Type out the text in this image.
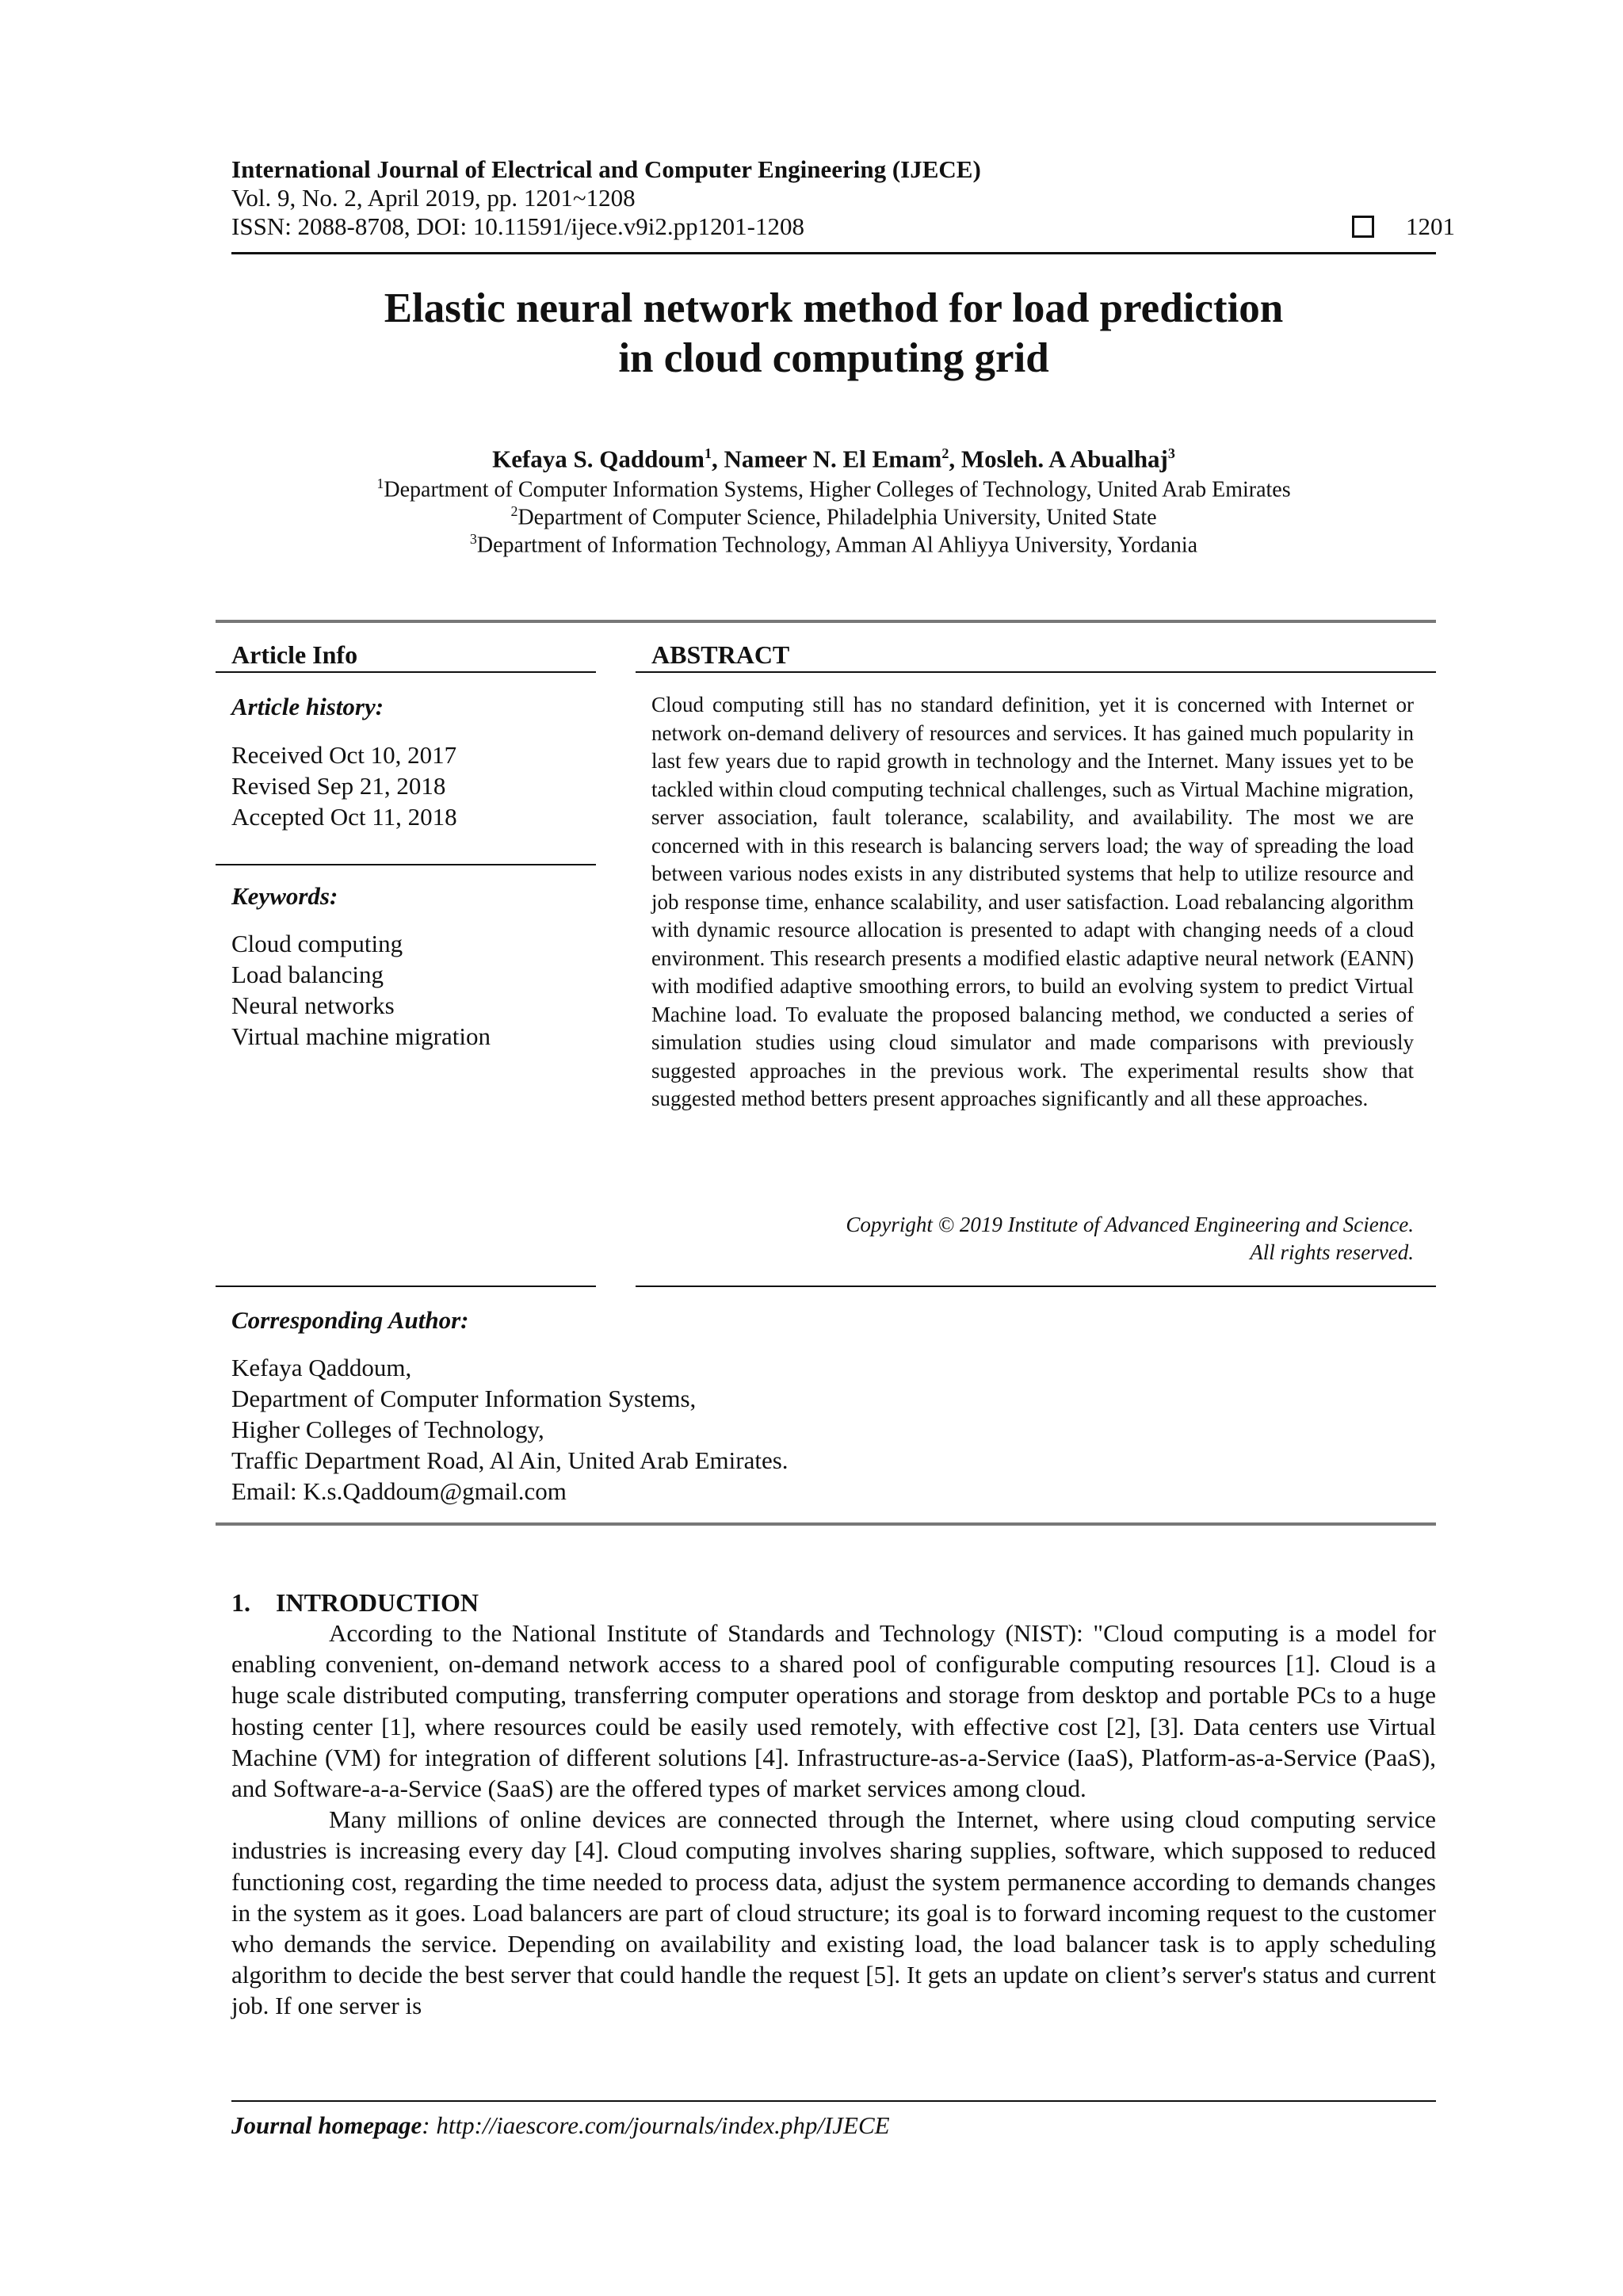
International Journal of Electrical and Computer Engineering (IJECE)
Vol. 9, No. 2, April 2019, pp. 1201~1208
ISSN: 2088-8708, DOI: 10.11591/ijece.v9i2.pp1201-1208	1201
Elastic neural network method for load prediction
in cloud computing grid
Kefaya S. Qaddoum$^1$, Nameer N. El Emam$^2$, Mosleh. A Abualhaj$^3$
$^1$Department of Computer Information Systems, Higher Colleges of Technology, United Arab Emirates
$^2$Department of Computer Science, Philadelphia University, United State
$^3$Department of Information Technology, Amman Al Ahliyya University, Yordania
Article Info	ABSTRACT
Article history:
Received Oct 10, 2017
Revised Sep 21, 2018
Accepted Oct 11, 2018
Keywords:
Cloud computing
Load balancing
Neural networks
Virtual machine migration

Cloud computing still has no standard definition, yet it is concerned with Internet or network on-demand delivery of resources and services. It has gained much popularity in last few years due to rapid growth in technology and the Internet. Many issues yet to be tackled within cloud computing technical challenges, such as Virtual Machine migration, server association, fault tolerance, scalability, and availability. The most we are concerned with in this research is balancing servers load; the way of spreading the load between various nodes exists in any distributed systems that help to utilize resource and job response time, enhance scalability, and user satisfaction. Load rebalancing algorithm with dynamic resource allocation is presented to adapt with changing needs of a cloud environment. This research presents a modified elastic adaptive neural network (EANN) with modified adaptive smoothing errors, to build an evolving system to predict Virtual Machine load. To evaluate the proposed balancing method, we conducted a series of simulation studies using cloud simulator and made comparisons with previously suggested approaches in the previous work. The experimental results show that suggested method betters present approaches significantly and all these approaches.

Copyright © 2019 Institute of Advanced Engineering and Science.
All rights reserved.
Corresponding Author:
Kefaya Qaddoum,
Department of Computer Information Systems,
Higher Colleges of Technology,
Traffic Department Road, Al Ain, United Arab Emirates.
Email: K.s.Qaddoum@gmail.com
1.    INTRODUCTION

According to the National Institute of Standards and Technology (NIST): "Cloud computing is a model for enabling convenient, on-demand network access to a shared pool of configurable computing resources [1]. Cloud is a huge scale distributed computing, transferring computer operations and storage from desktop and portable PCs to a huge hosting center [1], where resources could be easily used remotely, with effective cost [2], [3]. Data centers use Virtual Machine (VM) for integration of different solutions [4]. Infrastructure-as-a-Service (IaaS), Platform-as-a-Service (PaaS), and Software-a-a-Service (SaaS) are the offered types of market services among cloud.

Many millions of online devices are connected through the Internet, where using cloud computing service industries is increasing every day [4]. Cloud computing involves sharing supplies, software, which supposed to reduced functioning cost, regarding the time needed to process data, adjust the system permanence according to demands changes in the system as it goes. Load balancers are part of cloud structure; its goal is to forward incoming request to the customer who demands the service. Depending on availability and existing load, the load balancer task is to apply scheduling algorithm to decide the best server that could handle the request [5]. It gets an update on client’s server's status and current job. If one server is

Journal homepage: http://iaescore.com/journals/index.php/IJECE
